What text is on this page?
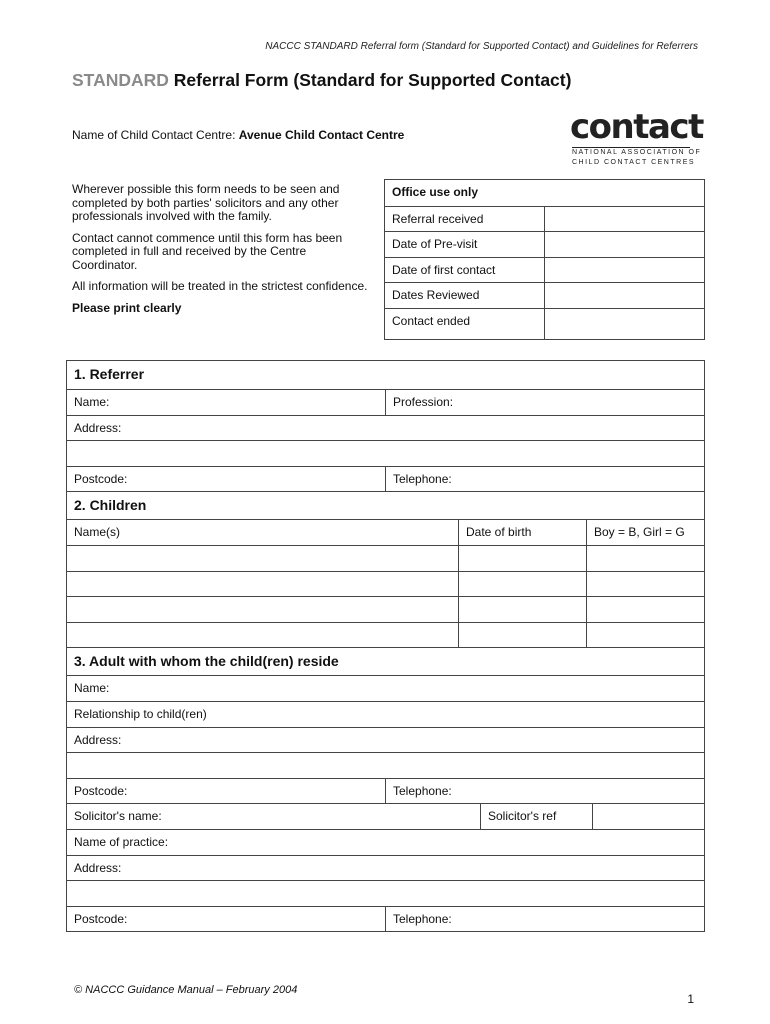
NACCC STANDARD Referral form (Standard for Supported Contact) and Guidelines for Referrers
STANDARD Referral Form (Standard for Supported Contact)
Name of Child Contact Centre: Avenue Child Contact Centre	contact
NATIONAL ASSOCIATION OF
CHILD CONTACT CENTRES

Wherever possible this form needs to be seen and completed by both parties' solicitors and any other professionals involved with the family.

Contact cannot commence until this form has been completed in full and received by the Centre Coordinator.

All information will be treated in the strictest confidence.

Please print clearly

Office use only
Referral received
Date of Pre-visit
Date of first contact
Dates Reviewed
Contact ended
1. Referrer
Name:	Profession:
Address:
Postcode:	Telephone:
2. Children
Name(s)	Date of birth	Boy = B, Girl = G
3. Adult with whom the child(ren) reside
Name:
Relationship to child(ren)
Address:
Postcode:	Telephone:
Solicitor's name:	Solicitor's ref
Name of practice:
Address:
Postcode:	Telephone:
© NACCC Guidance Manual – February 2004
1
